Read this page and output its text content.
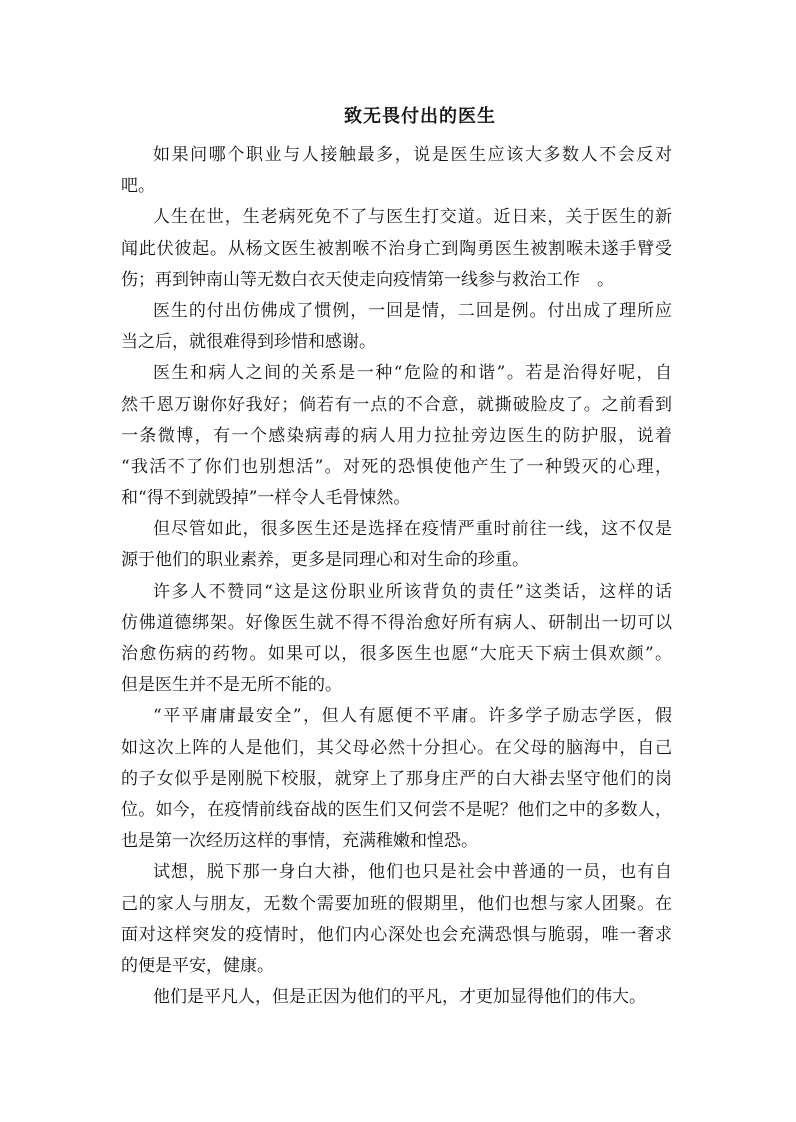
致无畏付出的医生
如果问哪个职业与人接触最多，说是医生应该大多数人不会反对
吧。
人生在世，生老病死免不了与医生打交道。近日来，关于医生的新
闻此伏彼起。从杨文医生被割喉不治身亡到陶勇医生被割喉未遂手臂受
伤；再到钟南山等无数白衣天使走向疫情第一线参与救治工作　。
医生的付出仿佛成了惯例，一回是情，二回是例。付出成了理所应
当之后，就很难得到珍惜和感谢。
医生和病人之间的关系是一种“危险的和谐”。若是治得好呢，自
然千恩万谢你好我好；倘若有一点的不合意，就撕破脸皮了。之前看到
一条微博，有一个感染病毒的病人用力拉扯旁边医生的防护服，说着
“我活不了你们也别想活”。对死的恐惧使他产生了一种毁灭的心理，
和“得不到就毁掉”一样令人毛骨悚然。
但尽管如此，很多医生还是选择在疫情严重时前往一线，这不仅是
源于他们的职业素养，更多是同理心和对生命的珍重。
许多人不赞同“这是这份职业所该背负的责任”这类话，这样的话
仿佛道德绑架。好像医生就不得不得治愈好所有病人、研制出一切可以
治愈伤病的药物。如果可以，很多医生也愿“大庇天下病士俱欢颜”。
但是医生并不是无所不能的。
“平平庸庸最安全”，但人有愿便不平庸。许多学子励志学医，假
如这次上阵的人是他们，其父母必然十分担心。在父母的脑海中，自己
的子女似乎是刚脱下校服，就穿上了那身庄严的白大褂去坚守他们的岗
位。如今，在疫情前线奋战的医生们又何尝不是呢？他们之中的多数人，
也是第一次经历这样的事情，充满稚嫩和惶恐。
试想，脱下那一身白大褂，他们也只是社会中普通的一员，也有自
己的家人与朋友，无数个需要加班的假期里，他们也想与家人团聚。在
面对这样突发的疫情时，他们内心深处也会充满恐惧与脆弱，唯一奢求
的便是平安，健康。
他们是平凡人，但是正因为他们的平凡，才更加显得他们的伟大。
